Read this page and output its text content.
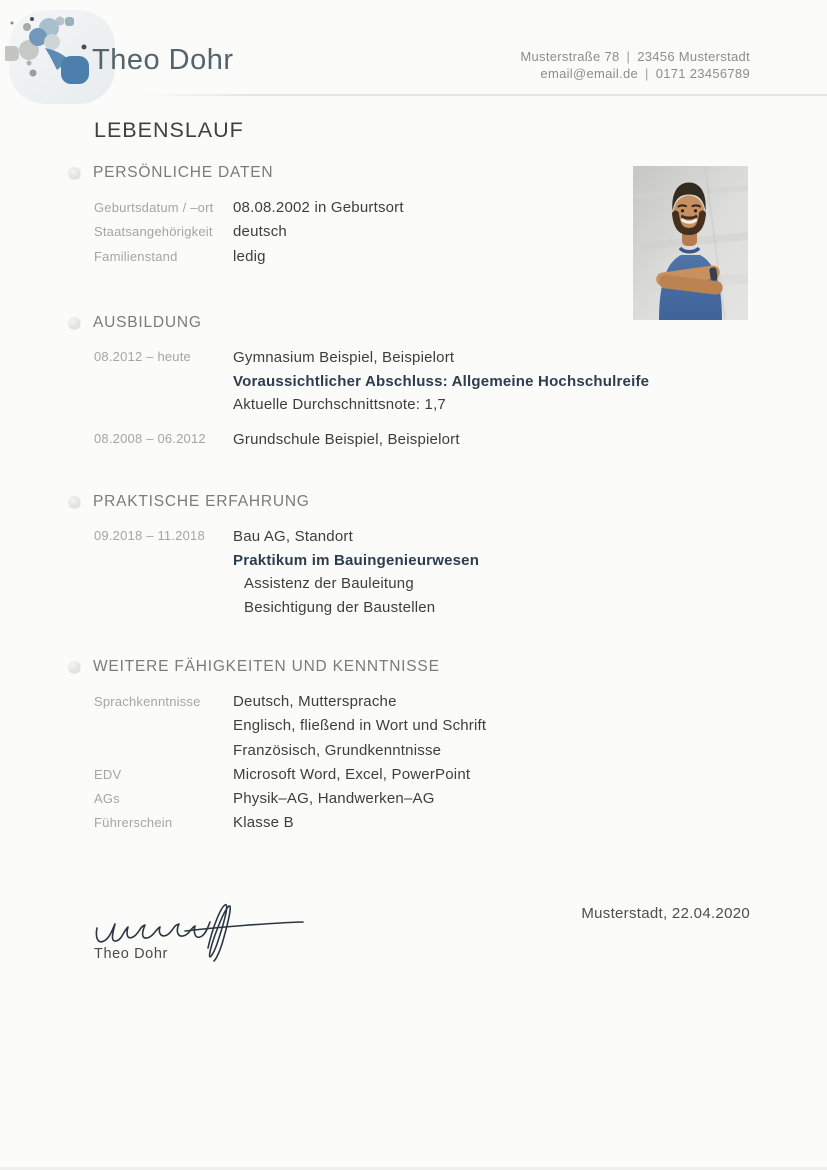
Theo Dohr	Musterstraße 78 | 23456 Musterstadt
email@email.de | 0171 23456789
LEBENSLAUF
PERSÖNLICHE DATEN
Geburtsdatum / –ort	08.08.2002 in Geburtsort
Staatsangehörigkeit	deutsch
Familienstand	ledig
AUSBILDUNG
08.2012 – heute	Gymnasium Beispiel, Beispielort
Voraussichtlicher Abschluss: Allgemeine Hochschulreife
Aktuelle Durchschnittsnote: 1,7
08.2008 – 06.2012	Grundschule Beispiel, Beispielort
PRAKTISCHE ERFAHRUNG
09.2018 – 11.2018	Bau AG, Standort
Praktikum im Bauingenieurwesen
Assistenz der Bauleitung
Besichtigung der Baustellen
WEITERE FÄHIGKEITEN UND KENNTNISSE
Sprachkenntnisse	Deutsch, Muttersprache
Englisch, fließend in Wort und Schrift
Französisch, Grundkenntnisse
EDV	Microsoft Word, Excel, PowerPoint
AGs	Physik–AG, Handwerken–AG
Führerschein	Klasse B
Musterstadt, 22.04.2020
Theo Dohr
